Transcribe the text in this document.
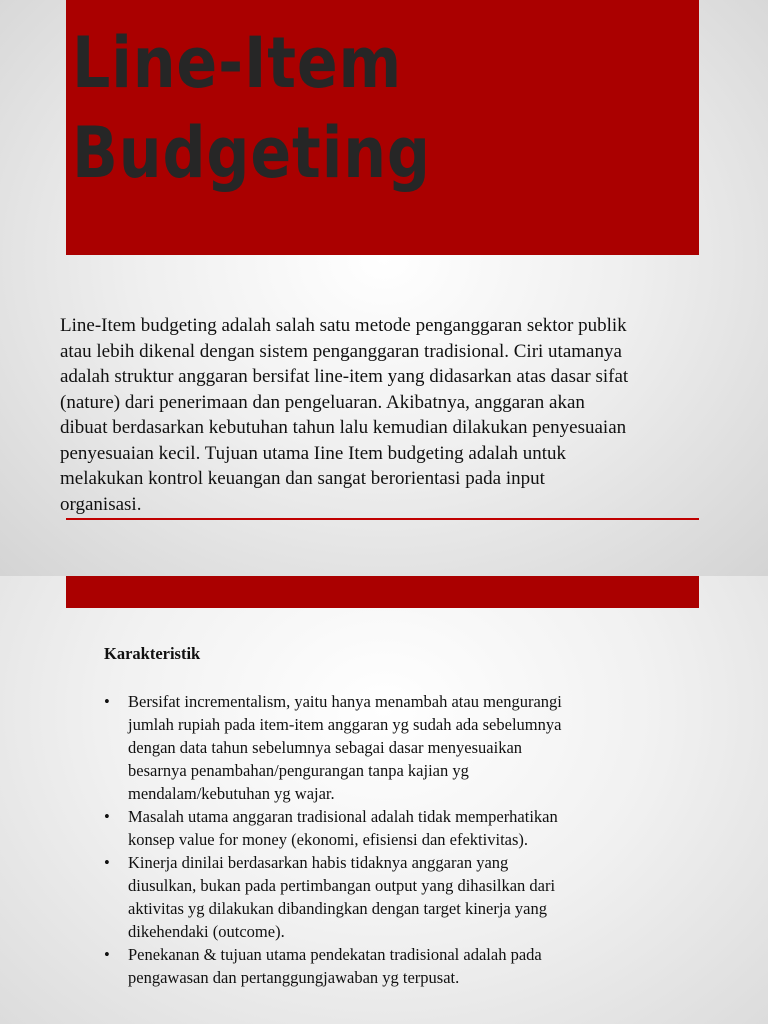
Line-Item
Budgeting

Line-Item budgeting adalah salah satu metode penganggaran sektor publik atau lebih dikenal dengan sistem penganggaran tradisional. Ciri utamanya adalah struktur anggaran bersifat line-item yang didasarkan atas dasar sifat (nature) dari penerimaan dan pengeluaran. Akibatnya, anggaran akan dibuat berdasarkan kebutuhan tahun lalu kemudian dilakukan penyesuaian penyesuaian kecil. Tujuan utama Iine Item budgeting adalah untuk melakukan kontrol keuangan dan sangat berorientasi pada input organisasi.

Karakteristik
• Bersifat incrementalism, yaitu hanya menambah atau mengurangi jumlah rupiah pada item-item anggaran yg sudah ada sebelumnya dengan data tahun sebelumnya sebagai dasar menyesuaikan besarnya penambahan/pengurangan tanpa kajian yg mendalam/kebutuhan yg wajar.
• Masalah utama anggaran tradisional adalah tidak memperhatikan konsep value for money (ekonomi, efisiensi dan efektivitas).
• Kinerja dinilai berdasarkan habis tidaknya anggaran yang diusulkan, bukan pada pertimbangan output yang dihasilkan dari aktivitas yg dilakukan dibandingkan dengan target kinerja yang dikehendaki (outcome).
• Penekanan & tujuan utama pendekatan tradisional adalah pada pengawasan dan pertanggungjawaban yg terpusat.
